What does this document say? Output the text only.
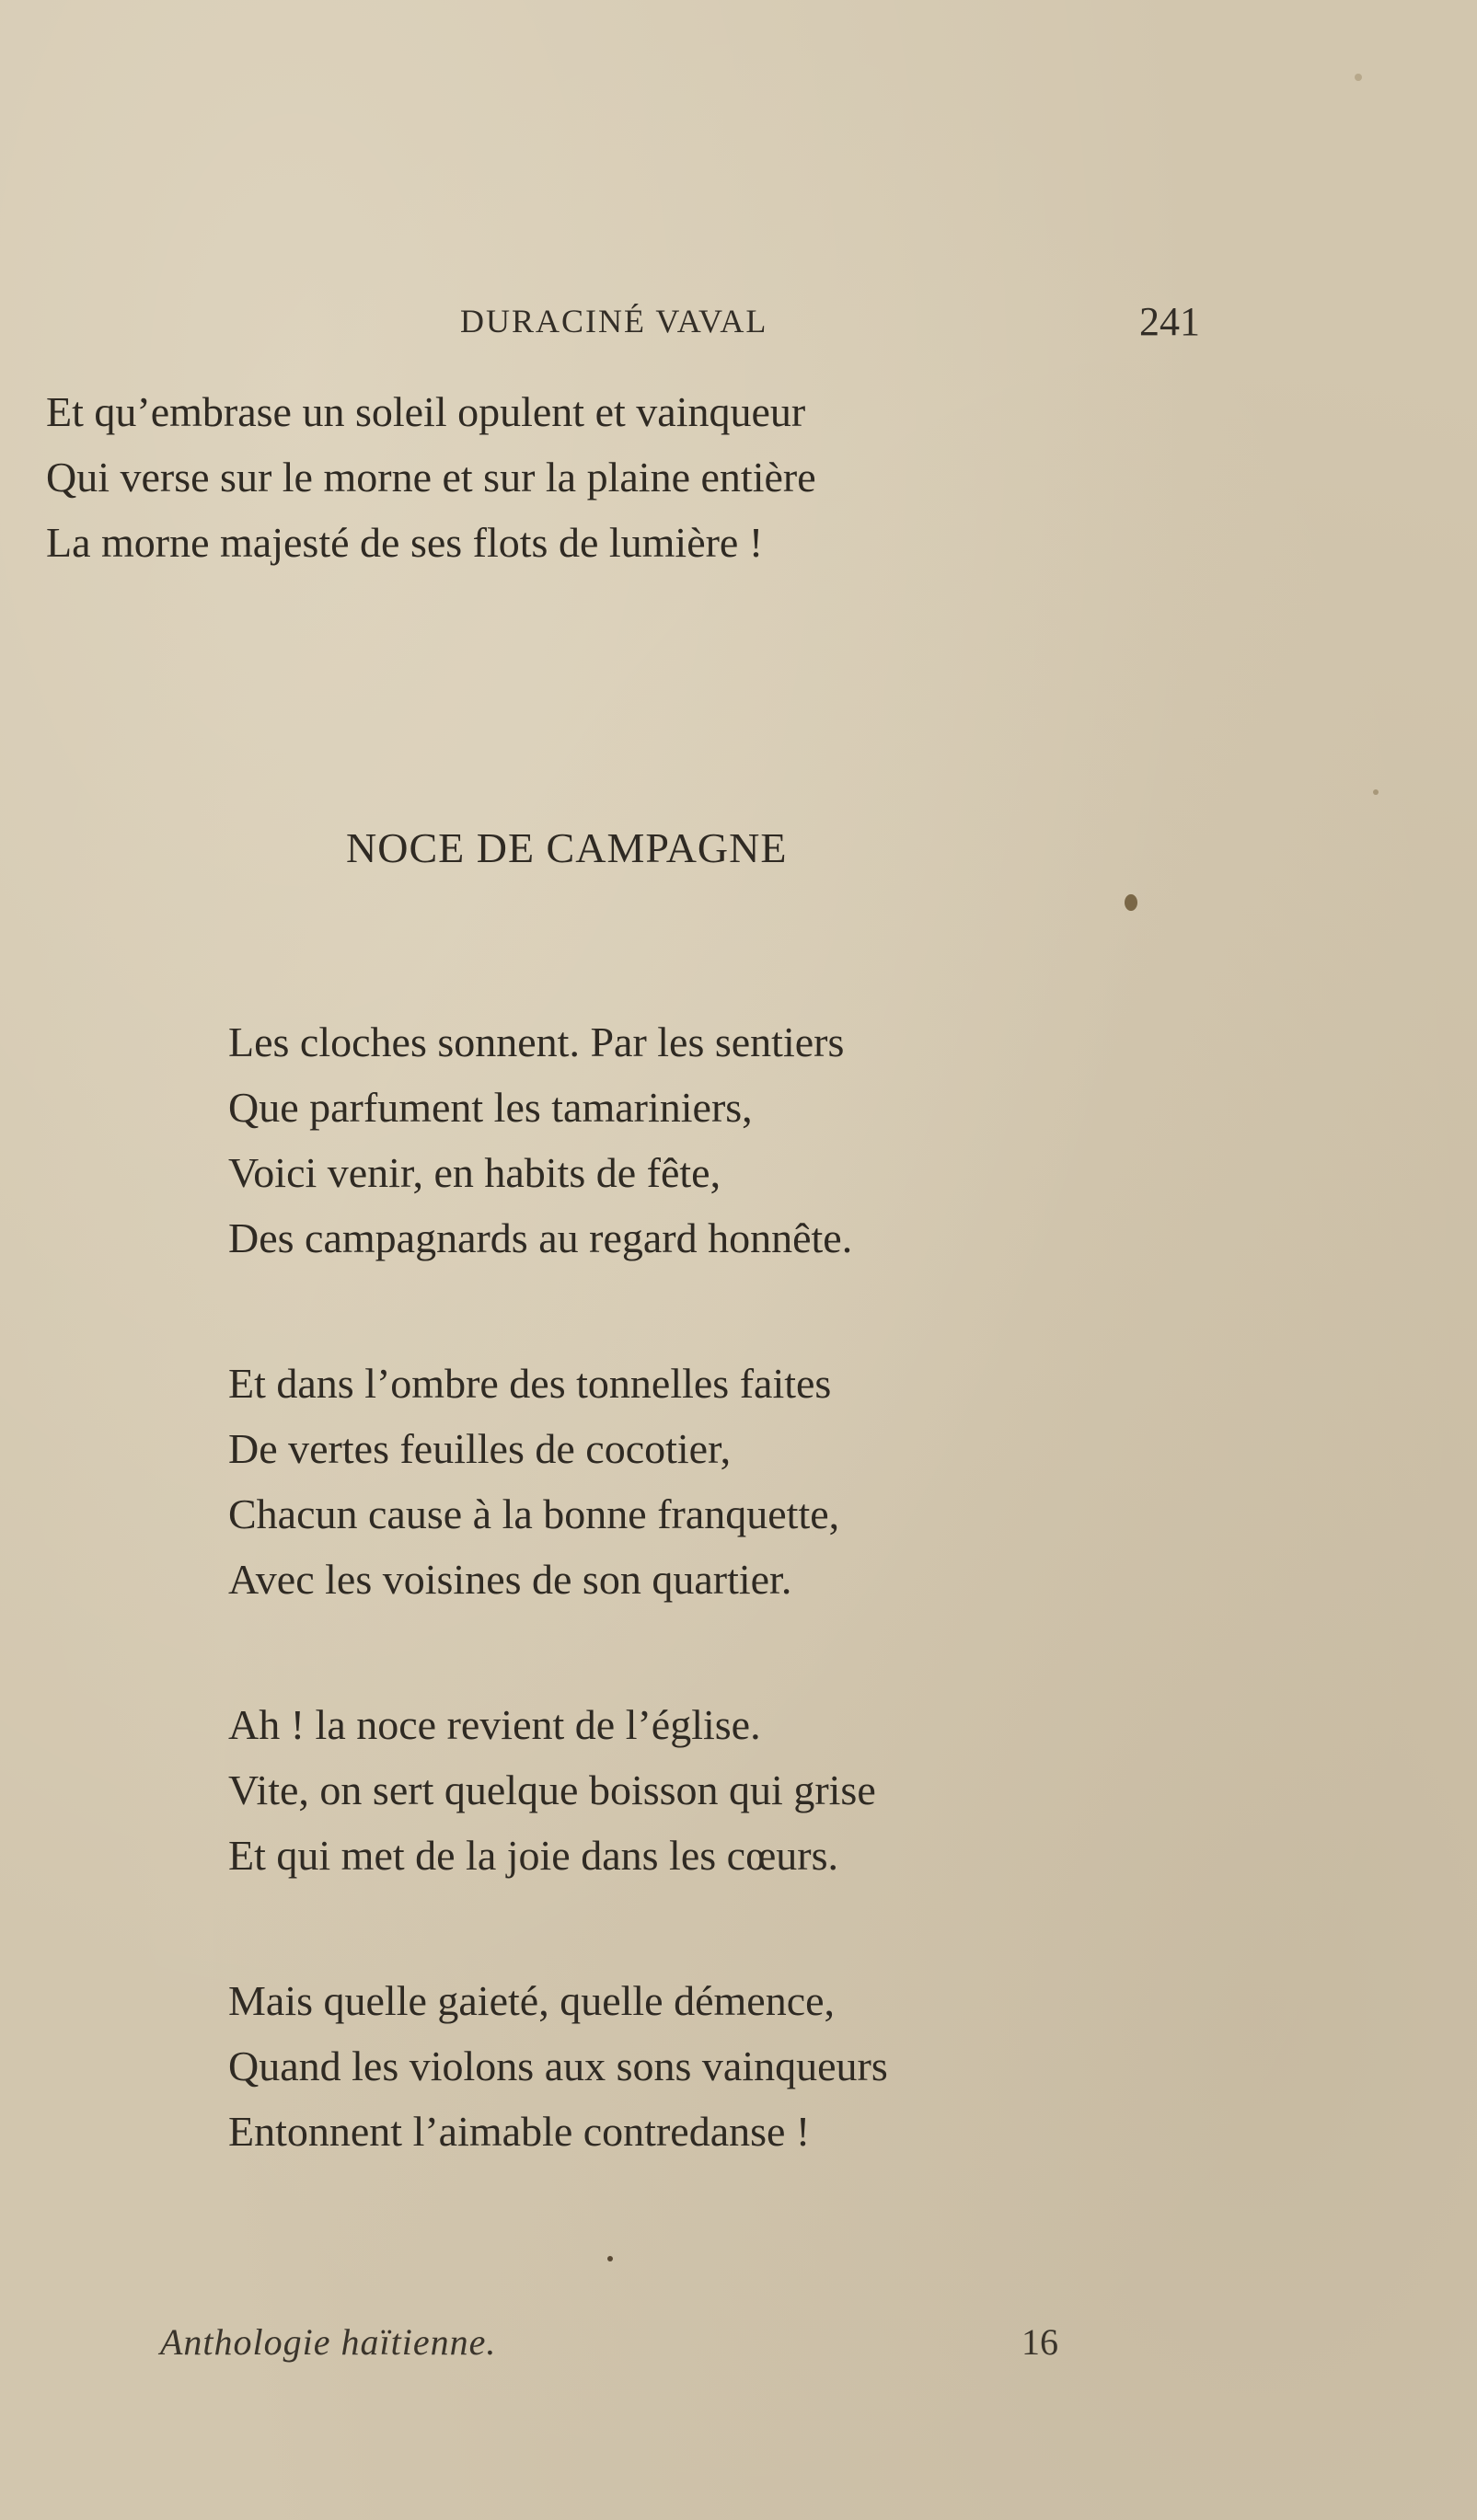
DURACINÉ VAVAL	241
Et qu’embrase un soleil opulent et vainqueur
Qui verse sur le morne et sur la plaine entière
La morne majesté de ses flots de lumière !
NOCE DE CAMPAGNE
Les cloches sonnent. Par les sentiers
Que parfument les tamariniers,
Voici venir, en habits de fête,
Des campagnards au regard honnête.
Et dans l’ombre des tonnelles faites
De vertes feuilles de cocotier,
Chacun cause à la bonne franquette,
Avec les voisines de son quartier.
Ah ! la noce revient de l’église.
Vite, on sert quelque boisson qui grise
Et qui met de la joie dans les cœurs.
Mais quelle gaieté, quelle démence,
Quand les violons aux sons vainqueurs
Entonnent l’aimable contredanse !
Anthologie haïtienne.	16
